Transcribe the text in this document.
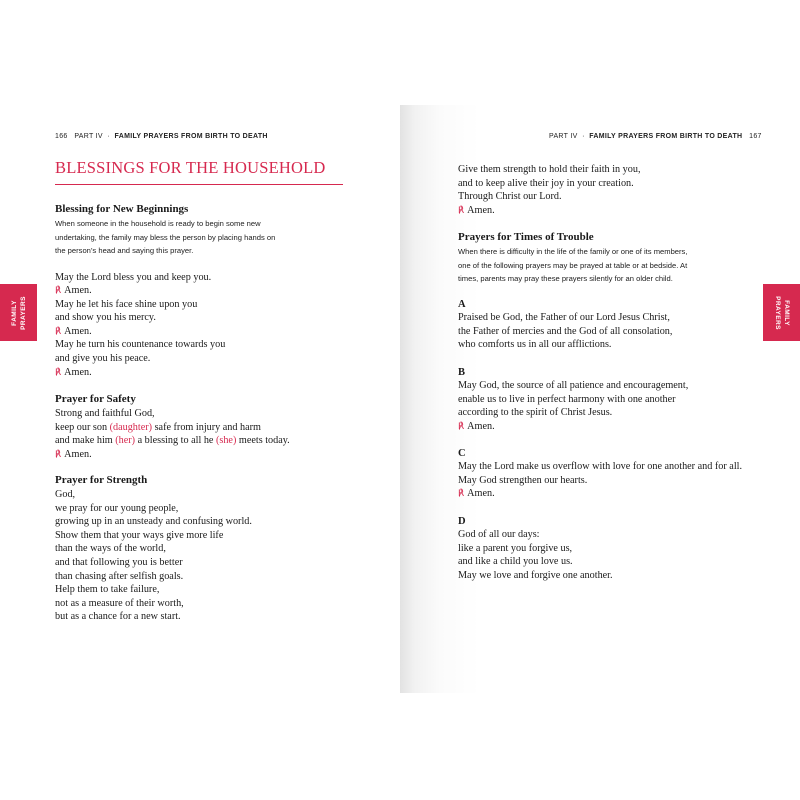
166 PART IV · FAMILY PRAYERS FROM BIRTH TO DEATH	PART IV · FAMILY PRAYERS FROM BIRTH TO DEATH 167
FAMILY PRAYERS	FAMILY
PRAYERS
BLESSINGS FOR THE HOUSEHOLD
Blessing for New Beginnings
When someone in the household is ready to begin some new
undertaking, the family may bless the person by placing hands on
the person’s head and saying this prayer.
May the Lord bless you and keep you.
℟ Amen.
May he let his face shine upon you
and show you his mercy.
℟ Amen.
May he turn his countenance towards you
and give you his peace.
℟ Amen.
Prayer for Safety
Strong and faithful God,
keep our son (daughter) safe from injury and harm
and make him (her) a blessing to all he (she) meets today.
℟ Amen.
Prayer for Strength
God,
we pray for our young people,
growing up in an unsteady and confusing world.
Show them that your ways give more life
than the ways of the world,
and that following you is better
than chasing after selfish goals.
Help them to take failure,
not as a measure of their worth,
but as a chance for a new start.
Give them strength to hold their faith in you,
and to keep alive their joy in your creation.
Through Christ our Lord.
℟ Amen.
Prayers for Times of Trouble
When there is difficulty in the life of the family or one of its members,
one of the following prayers may be prayed at table or at bedside. At
times, parents may pray these prayers silently for an older child.
A
Praised be God, the Father of our Lord Jesus Christ,
the Father of mercies and the God of all consolation,
who comforts us in all our afflictions.
B
May God, the source of all patience and encouragement,
enable us to live in perfect harmony with one another
according to the spirit of Christ Jesus.
℟ Amen.
C
May the Lord make us overflow with love for one another and for all.
May God strengthen our hearts.
℟ Amen.
D
God of all our days:
like a parent you forgive us,
and like a child you love us.
May we love and forgive one another.
